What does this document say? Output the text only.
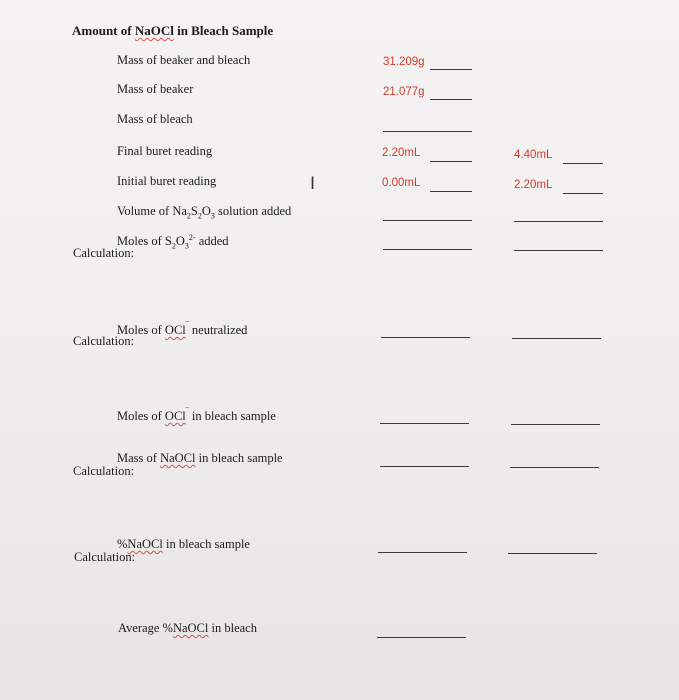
Amount of NaOCl in Bleach Sample
Mass of beaker and bleach	31.209g
Mass of beaker	21.077g
Mass of bleach
Final buret reading	2.20mL	4.40mL
Initial buret reading	I	0.00mL	2.20mL
Volume of $Na_2S_2O_3$ solution added
Moles of $S_2O_3^{2-}$ added
Calculation:
Moles of OCl‾ neutralized
Calculation:
Moles of OCl‾ in bleach sample
Mass of NaOCl in bleach sample
Calculation:
%NaOCl in bleach sample
Calculation:
Average %NaOCl in bleach
